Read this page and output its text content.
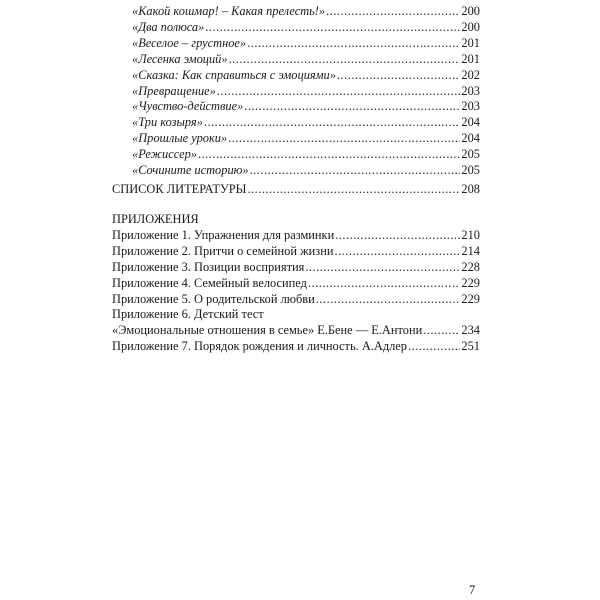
«Какой кошмар! – Какая прелесть!» .....	200
«Два полюса» .....	200
«Веселое – грустное» .....	201
«Лесенка эмоций» .....	201
«Сказка: Как справиться с эмоциями» .....	202
«Превращение» .....	203
«Чувство-действие» .....	203
«Три козыря» .....	204
«Прошлые уроки» .....	204
«Режиссер» .....	205
«Сочините историю» .....	205
СПИСОК ЛИТЕРАТУРЫ .....	208
ПРИЛОЖЕНИЯ
Приложение 1. Упражнения для разминки .....	210
Приложение 2. Притчи о семейной жизни .....	214
Приложение 3. Позиции восприятия .....	228
Приложение 4. Семейный велосипед .....	229
Приложение 5. О родительской любви .....	229
Приложение 6. Детский тест
«Эмоциональные отношения в семье» Е.Бене — Е.Антони .....	234
Приложение 7. Порядок рождения и личность. А.Адлер .....	251
7
